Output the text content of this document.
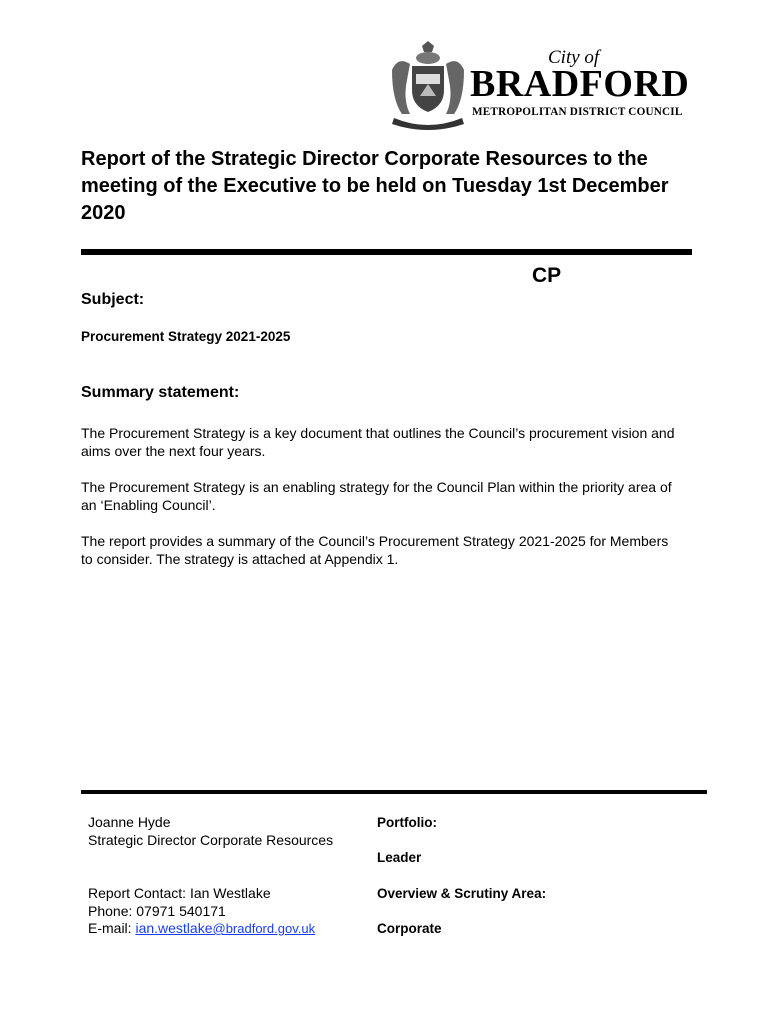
City of
BRADFORD
METROPOLITAN DISTRICT COUNCIL
Report of the Strategic Director Corporate Resources to the meeting of the Executive to be held on Tuesday 1st December 2020
CP
Subject:
Procurement Strategy 2021-2025
Summary statement:

The Procurement Strategy is a key document that outlines the Council’s procurement vision and aims over the next four years.

The Procurement Strategy is an enabling strategy for the Council Plan within the priority area of an ‘Enabling Council’.

The report provides a summary of the Council’s Procurement Strategy 2021-2025 for Members to consider. The strategy is attached at Appendix 1.

Joanne Hyde
Strategic Director Corporate Resources
Report Contact: Ian Westlake
Phone: 07971 540171
E-mail: ian.westlake@bradford.gov.uk
Portfolio:
Leader
Overview & Scrutiny Area:
Corporate
